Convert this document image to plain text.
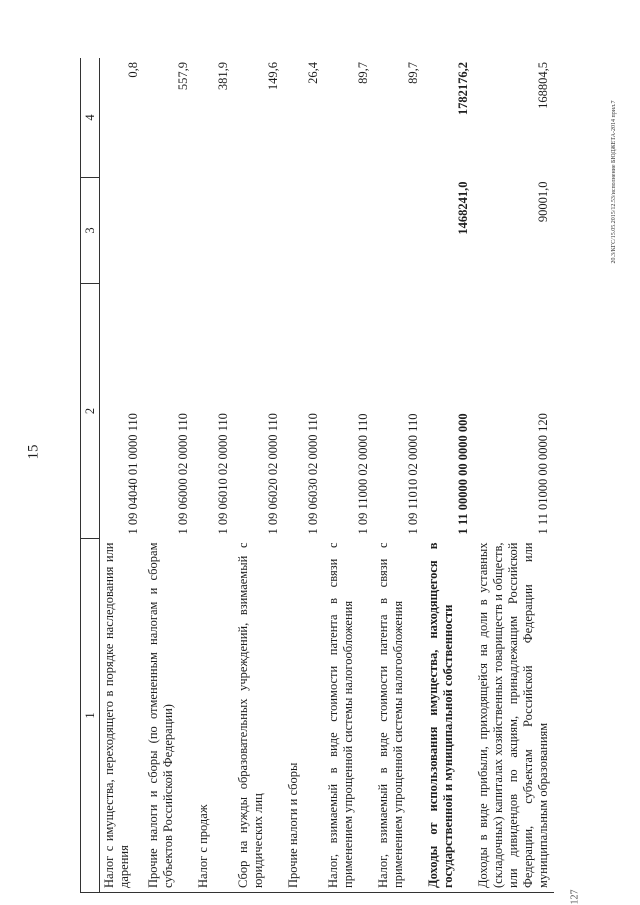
15
20.3/КГС/15.05.2015/12.53/исполнение БЮДЖЕТА-2014 прил.7
127
1	2	3	4
Налог с имущества, переходящего в порядке наследования или дарения	1 09 04040 01 0000 110		0,8
Прочие налоги и сборы (по отмененным налогам и сборам субъектов Российской Федерации)	1 09 06000 02 0000 110		557,9
Налог с продаж	1 09 06010 02 0000 110		381,9
Сбор на нужды образовательных учреждений, взимаемый с юридических лиц	1 09 06020 02 0000 110		149,6
Прочие налоги и сборы	1 09 06030 02 0000 110		26,4
Налог, взимаемый в виде стоимости патента в связи с применением упрощенной системы налогообложения	1 09 11000 02 0000 110		89,7
Налог, взимаемый в виде стоимости патента в связи с применением упрощенной системы налогообложения	1 09 11010 02 0000 110		89,7
Доходы от использования имущества, находящегося в государственной и муниципальной собственности	1 11 00000 00 0000 000	1468241,0	1782176,2
Доходы в виде прибыли, приходящейся на доли в уставных (складочных) капиталах хозяйственных товариществ и обществ, или дивидендов по акциям, принадлежащим Российской Федерации, субъектам Российской Федерации или муниципальным образованиям	1 11 01000 00 0000 120	90001,0	168804,5
